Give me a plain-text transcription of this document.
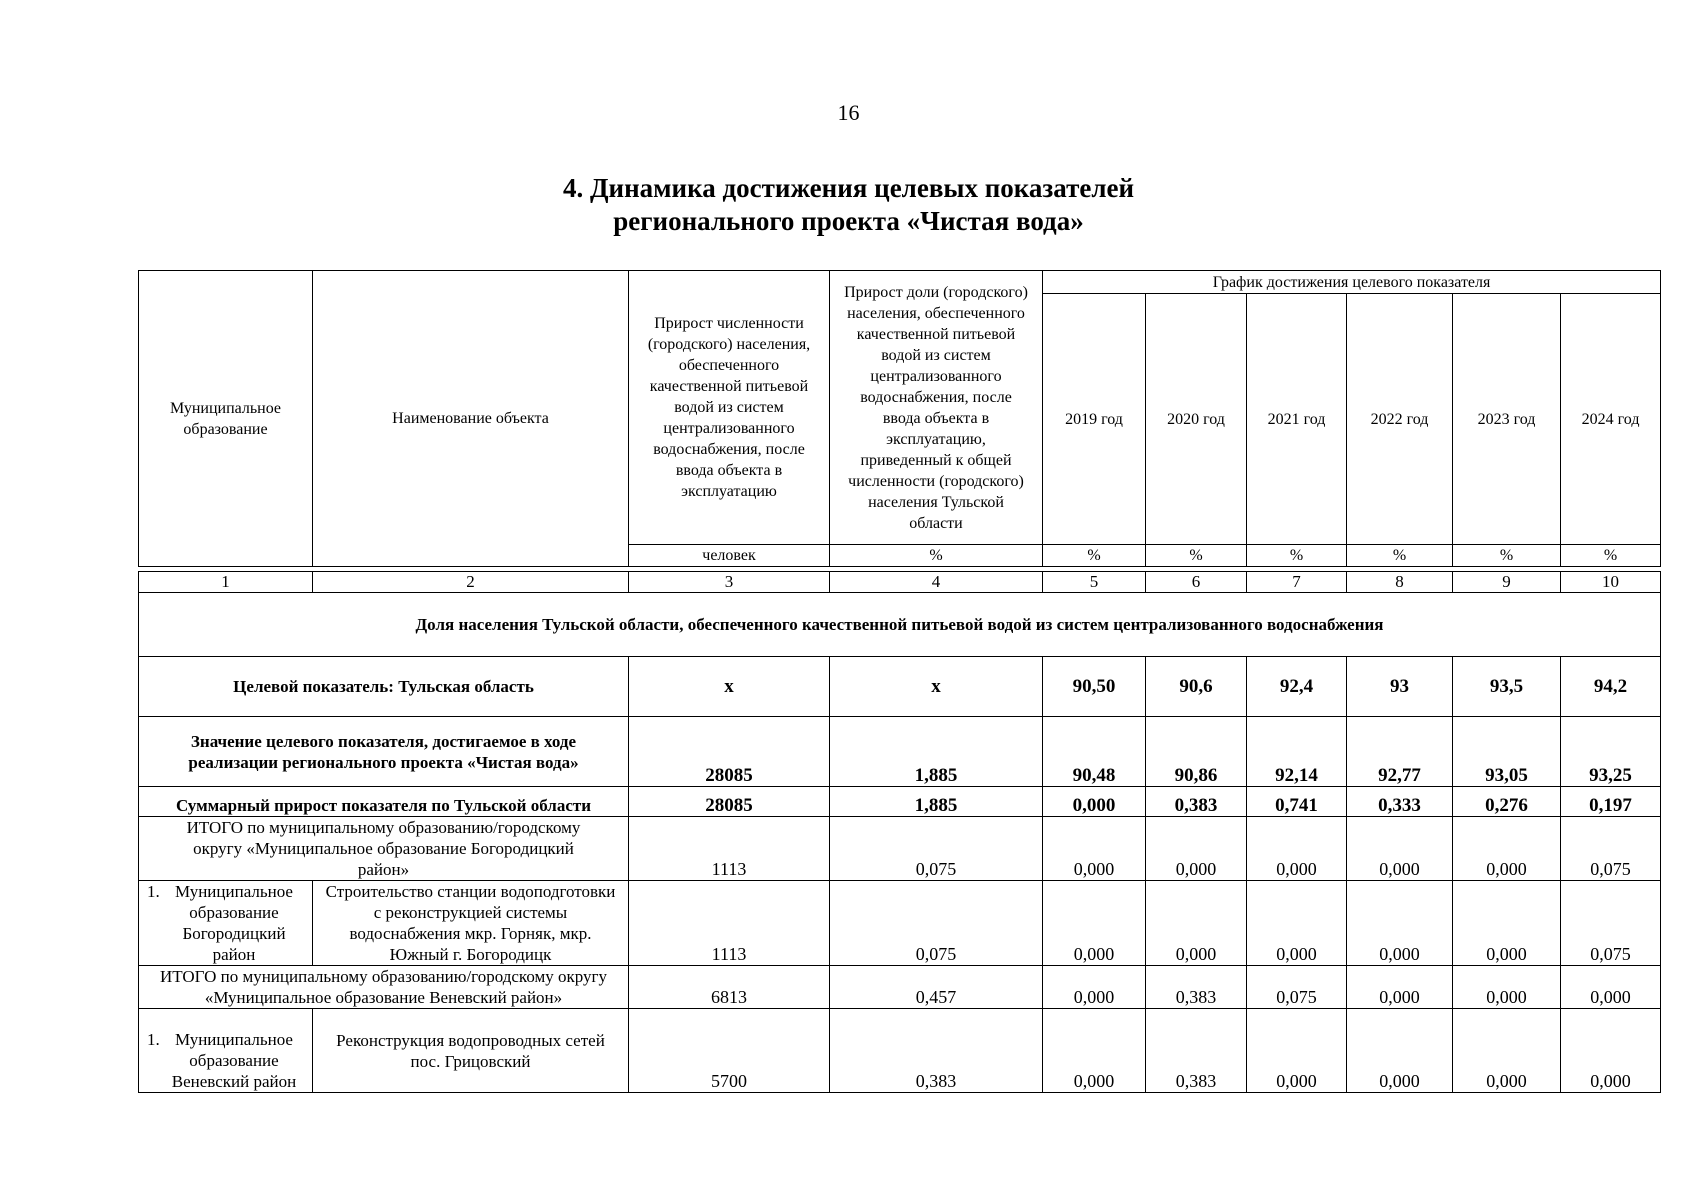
16
4. Динамика достижения целевых показателей
регионального проекта «Чистая вода»
Муниципальное образование	Наименование объекта	Прирост численности (городского) населения, обеспеченного качественной питьевой водой из систем централизованного водоснабжения, после ввода объекта в эксплуатацию	Прирост доли (городского) населения, обеспеченного качественной питьевой водой из систем централизованного водоснабжения, после ввода объекта в эксплуатацию, приведенный к общей численности (городского) населения Тульской области	График достижения целевого показателя					
				2019 год	2020 год	2021 год	2022 год	2023 год	2024 год
		человек	%	%	%	%	%	%	%
1	2	3	4	5	6	7	8	9	10
Доля населения Тульской области, обеспеченного качественной питьевой водой из систем централизованного водоснабжения									
Целевой показатель: Тульская область		х	х	90,50	90,6	92,4	93	93,5	94,2
Значение целевого показателя, достигаемое в ходе реализации регионального проекта «Чистая вода»		28085	1,885	90,48	90,86	92,14	92,77	93,05	93,25
Суммарный прирост показателя по Тульской области		28085	1,885	0,000	0,383	0,741	0,333	0,276	0,197
ИТОГО по муниципальному образованию/городскому округу «Муниципальное образование Богородицкий район»		1113	0,075	0,000	0,000	0,000	0,000	0,000	0,075
1. Муниципальное образование Богородицкий район	Строительство станции водоподготовки с реконструкцией системы водоснабжения мкр. Горняк, мкр. Южный г. Богородицк	1113	0,075	0,000	0,000	0,000	0,000	0,000	0,075
ИТОГО по муниципальному образованию/городскому округу «Муниципальное образование Веневский район»		6813	0,457	0,000	0,383	0,075	0,000	0,000	0,000
1. Муниципальное образование Веневский район	Реконструкция водопроводных сетей пос. Грицовский	5700	0,383	0,000	0,383	0,000	0,000	0,000	0,000
